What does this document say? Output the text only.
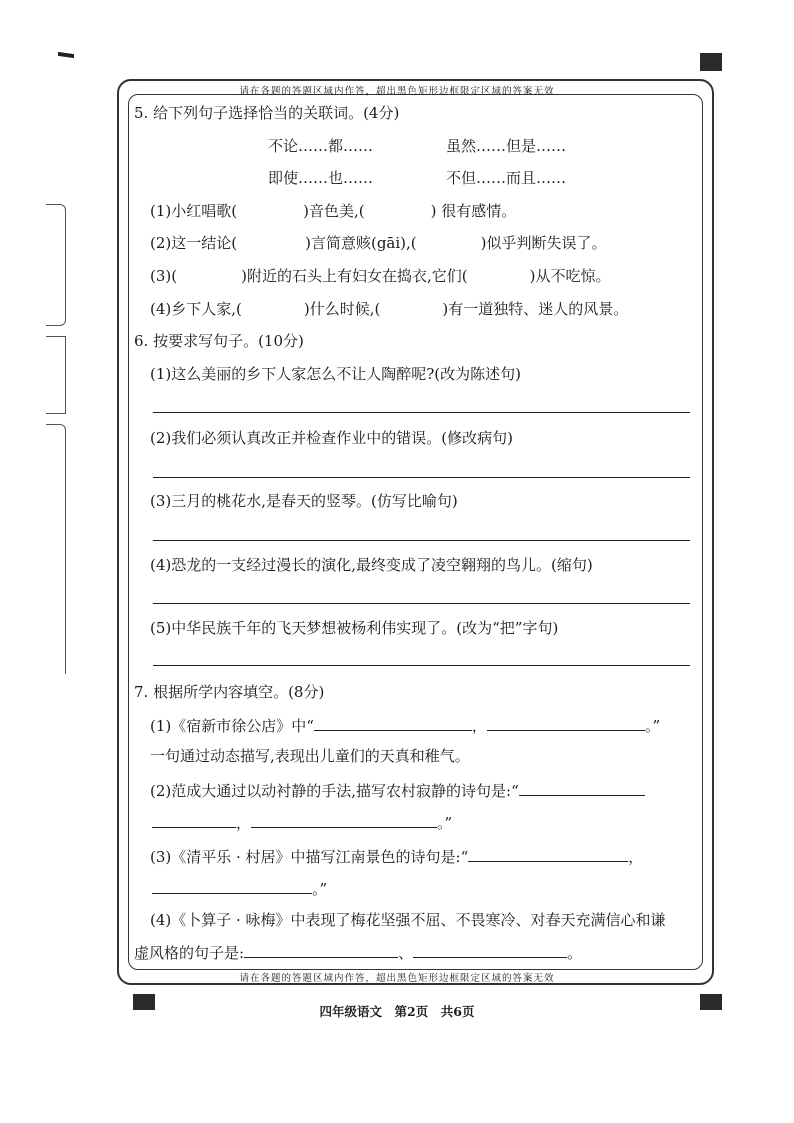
请在各题的答题区域内作答，超出黑色矩形边框限定区域的答案无效
5. 给下列句子选择恰当的关联词。(4分)
不论……都……	虽然……但是……
即使……也……	不但……而且……
(1)小红唱歌(	)音色美,(	) 很有感情。
(2)这一结论(	)言简意赅(gāi),(	)似乎判断失误了。
(3)(	)附近的石头上有妇女在捣衣,它们(	)从不吃惊。
(4)乡下人家,(	)什么时候,(	)有一道独特、迷人的风景。
6. 按要求写句子。(10分)
(1)这么美丽的乡下人家怎么不让人陶醉呢?(改为陈述句)
(2)我们必须认真改正并检查作业中的错误。(修改病句)
(3)三月的桃花水,是春天的竖琴。(仿写比喻句)
(4)恐龙的一支经过漫长的演化,最终变成了凌空翱翔的鸟儿。(缩句)
(5)中华民族千年的飞天梦想被杨利伟实现了。(改为“把”字句)
7. 根据所学内容填空。(8分)
(1)《宿新市徐公店》中“	，	。”
一句通过动态描写,表现出儿童们的天真和稚气。
(2)范成大通过以动衬静的手法,描写农村寂静的诗句是:“
，	。”
(3)《清平乐 · 村居》中描写江南景色的诗句是:“	，
。”
(4)《卜算子 · 咏梅》中表现了梅花坚强不屈、不畏寒冷、对春天充满信心和谦
虚风格的句子是:	、	。
请在各题的答题区域内作答，超出黑色矩形边框限定区域的答案无效
四年级语文　第2页　共6页
